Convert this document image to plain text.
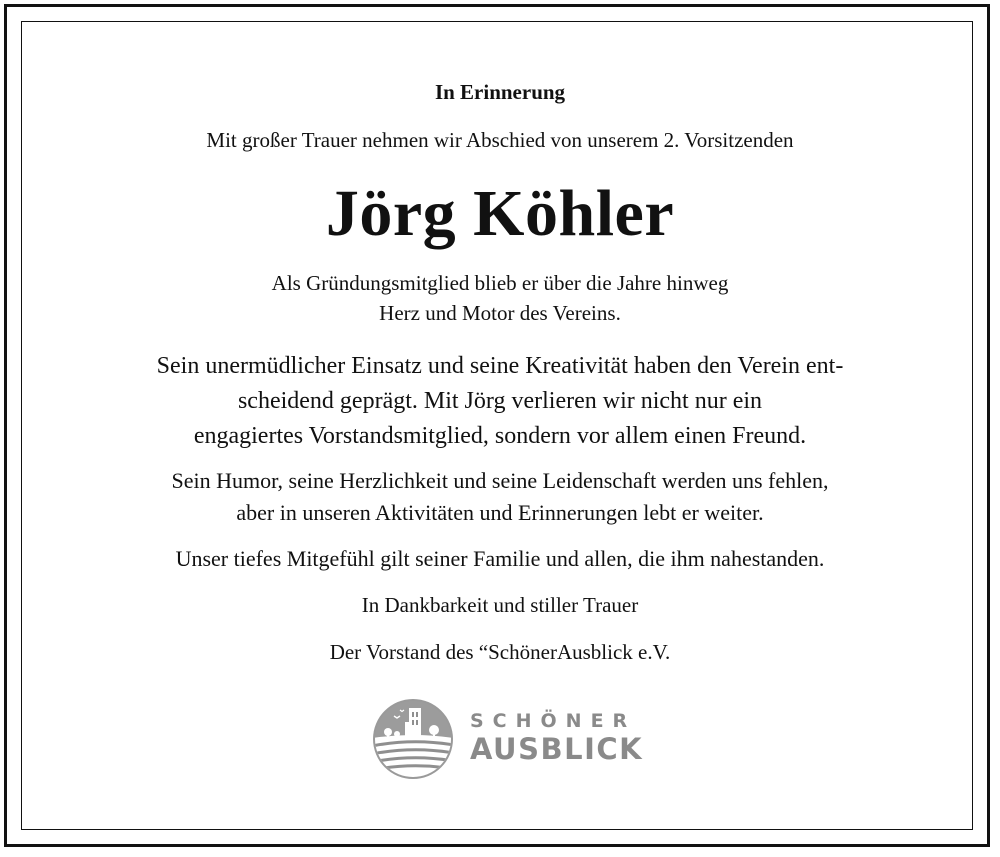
In Erinnerung
Mit großer Trauer nehmen wir Abschied von unserem 2. Vorsitzenden
Jörg Köhler
Als Gründungsmitglied blieb er über die Jahre hinweg
Herz und Motor des Vereins.
Sein unermüdlicher Einsatz und seine Kreativität haben den Verein ent-
scheidend geprägt. Mit Jörg verlieren wir nicht nur ein
engagiertes Vorstandsmitglied, sondern vor allem einen Freund.
Sein Humor, seine Herzlichkeit und seine Leidenschaft werden uns fehlen,
aber in unseren Aktivitäten und Erinnerungen lebt er weiter.
Unser tiefes Mitgefühl gilt seiner Familie und allen, die ihm nahestanden.
In Dankbarkeit und stiller Trauer
Der Vorstand des “SchönerAusblick e.V.
SCHÖNER
AUSBLICK
